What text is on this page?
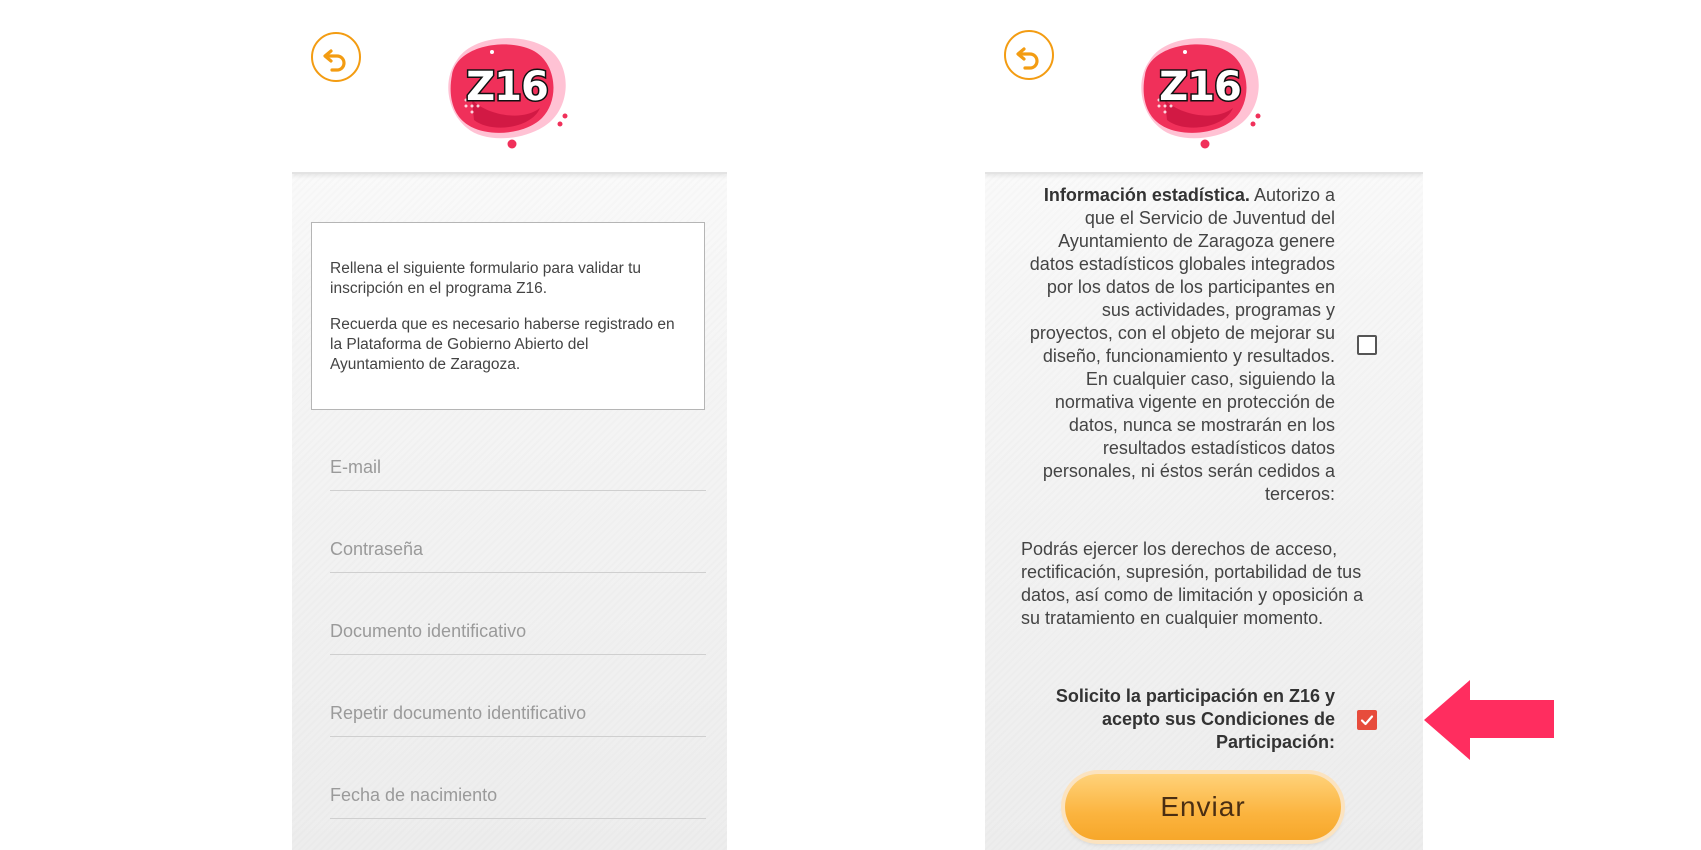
Z16

Rellena el siguiente formulario para validar tu inscripción en el programa Z16.

Recuerda que es necesario haberse registrado en la Plataforma de Gobierno Abierto del Ayuntamiento de Zaragoza.

E-mail
Contraseña
Documento identificativo
Repetir documento identificativo
Fecha de nacimiento
Z16
Información estadística. Autorizo a que el Servicio de Juventud del Ayuntamiento de Zaragoza genere datos estadísticos globales integrados por los datos de los participantes en sus actividades, programas y proyectos, con el objeto de mejorar su diseño, funcionamiento y resultados. En cualquier caso, siguiendo la normativa vigente en protección de datos, nunca se mostrarán en los resultados estadísticos datos personales, ni éstos serán cedidos a terceros:
Podrás ejercer los derechos de acceso, rectificación, supresión, portabilidad de tus datos, así como de limitación y oposición a su tratamiento en cualquier momento.
Solicito la participación en Z16 y acepto sus Condiciones de Participación:
Enviar
